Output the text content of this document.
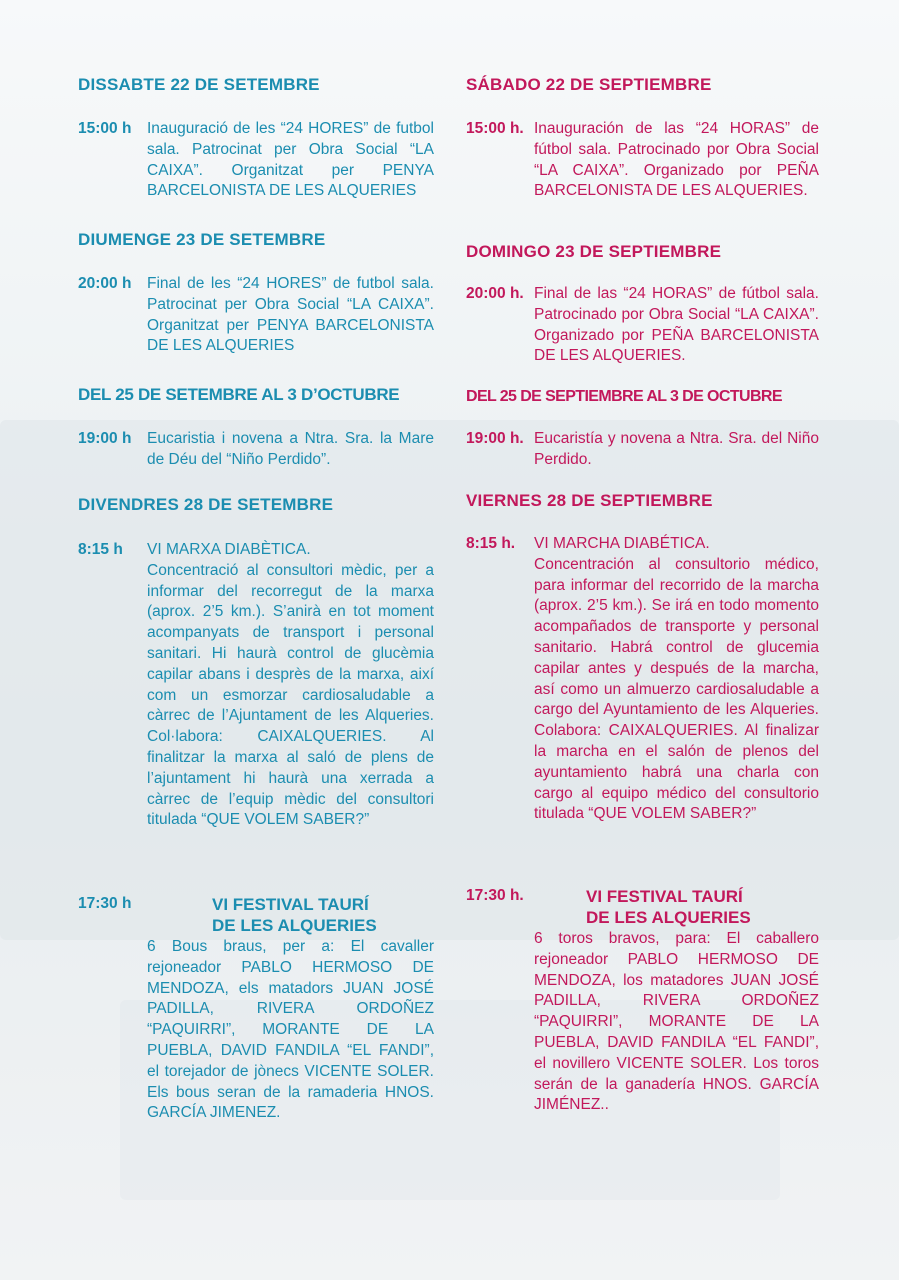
DISSABTE 22 DE SETEMBRE
15:00 h	Inauguració de les “24 HORES” de futbol sala. Patrocinat per Obra Social “LA CAIXA”. Organitzat per PENYA BARCELONISTA DE LES ALQUERIES
DIUMENGE 23 DE SETEMBRE
20:00 h	Final de les “24 HORES” de futbol sala. Patrocinat per Obra Social “LA CAIXA”. Organitzat per PENYA BARCELONISTA DE LES ALQUERIES
DEL 25 DE SETEMBRE AL 3 D’OCTUBRE
19:00 h	Eucaristia i novena a Ntra. Sra. la Mare de Déu del “Niño Perdido”.
DIVENDRES 28 DE SETEMBRE
8:15 h	VI MARXA DIABÈTICA.
Concentració al consultori mèdic, per a informar del recorregut de la marxa (aprox. 2’5 km.). S’anirà en tot moment acompanyats de transport i personal sanitari. Hi haurà control de glucèmia capilar abans i desprès de la marxa, així com un esmorzar cardiosaludable a càrrec de l’Ajuntament de les Alqueries. Col·labora: CAIXALQUERIES. Al finalitzar la marxa al saló de plens de l’ajuntament hi haurà una xerrada a càrrec de l’equip mèdic del consultori titulada “QUE VOLEM SABER?”
17:30 h	VI FESTIVAL TAURÍ
DE LES ALQUERIES
6 Bous braus, per a: El cavaller rejoneador PABLO HERMOSO DE MENDOZA, els matadors JUAN JOSÉ PADILLA, RIVERA ORDOÑEZ “PAQUIRRI”, MORANTE DE LA PUEBLA, DAVID FANDILA “EL FANDI”, el torejador de jònecs VICENTE SOLER. Els bous seran de la ramaderia HNOS. GARCÍA JIMENEZ.
SÁBADO 22 DE SEPTIEMBRE
15:00 h. Inauguración de las “24 HORAS” de fútbol sala. Patrocinado por Obra Social “LA CAIXA”. Organizado por PEÑA BARCELONISTA DE LES ALQUERIES.
DOMINGO 23 DE SEPTIEMBRE
20:00 h. Final de las “24 HORAS” de fútbol sala. Patrocinado por Obra Social “LA CAIXA”. Organizado por PEÑA BARCELONISTA DE LES ALQUERIES.
DEL 25 DE SEPTIEMBRE AL 3 DE OCTUBRE
19:00 h. Eucaristía y novena a Ntra. Sra. del Niño Perdido.
VIERNES 28 DE SEPTIEMBRE
8:15 h.	VI MARCHA DIABÉTICA.
Concentración al consultorio médico, para informar del recorrido de la marcha (aprox. 2’5 km.). Se irá en todo momento acompañados de transporte y personal sanitario. Habrá control de glucemia capilar antes y después de la marcha, así como un almuerzo cardiosaludable a cargo del Ayuntamiento de les Alqueries. Colabora: CAIXALQUERIES. Al finalizar la marcha en el salón de plenos del ayuntamiento habrá una charla con cargo al equipo médico del consultorio titulada “QUE VOLEM SABER?”
17:30 h.	VI FESTIVAL TAURÍ
DE LES ALQUERIES
6 toros bravos, para: El caballero rejoneador PABLO HERMOSO DE MENDOZA, los matadores JUAN JOSÉ PADILLA, RIVERA ORDOÑEZ “PAQUIRRI”, MORANTE DE LA PUEBLA, DAVID FANDILA “EL FANDI”, el novillero VICENTE SOLER. Los toros serán de la ganadería HNOS. GARCÍA JIMÉNEZ..
